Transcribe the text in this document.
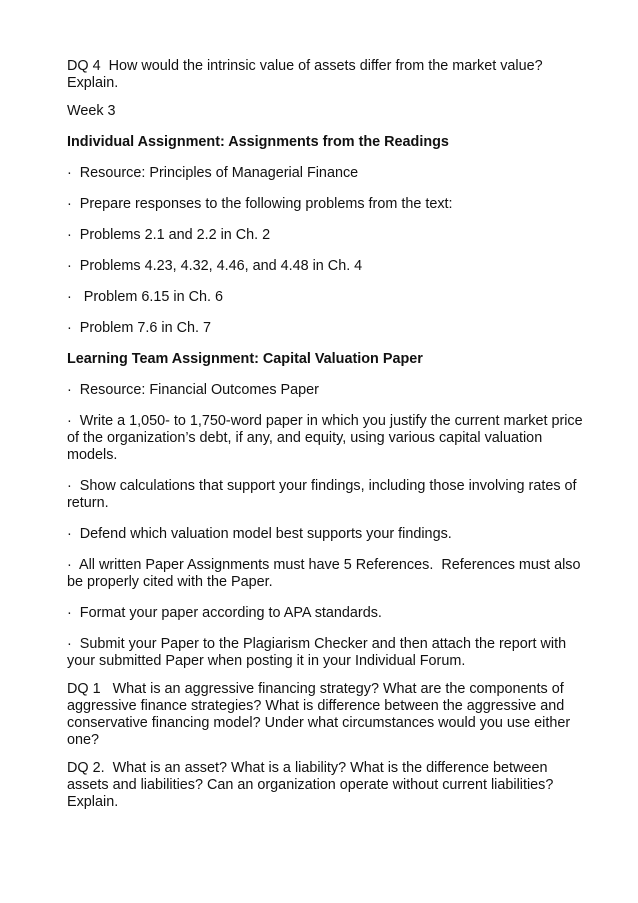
DQ 4  How would the intrinsic value of assets differ from the market value? Explain.

Week 3

Individual Assignment: Assignments from the Readings

·  Resource: Principles of Managerial Finance

·  Prepare responses to the following problems from the text:

·  Problems 2.1 and 2.2 in Ch. 2

·  Problems 4.23, 4.32, 4.46, and 4.48 in Ch. 4

·   Problem 6.15 in Ch. 6

·  Problem 7.6 in Ch. 7

Learning Team Assignment: Capital Valuation Paper

·  Resource: Financial Outcomes Paper

·  Write a 1,050- to 1,750-word paper in which you justify the current market price of the organization’s debt, if any, and equity, using various capital valuation models.

·  Show calculations that support your findings, including those involving rates of return.

·  Defend which valuation model best supports your findings.

·  All written Paper Assignments must have 5 References.  References must also be properly cited with the Paper.

·  Format your paper according to APA standards.

·  Submit your Paper to the Plagiarism Checker and then attach the report with your submitted Paper when posting it in your Individual Forum.

DQ 1   What is an aggressive financing strategy? What are the components of aggressive finance strategies? What is difference between the aggressive and conservative financing model? Under what circumstances would you use either one?

DQ 2.  What is an asset? What is a liability? What is the difference between assets and liabilities? Can an organization operate without current liabilities? Explain.
